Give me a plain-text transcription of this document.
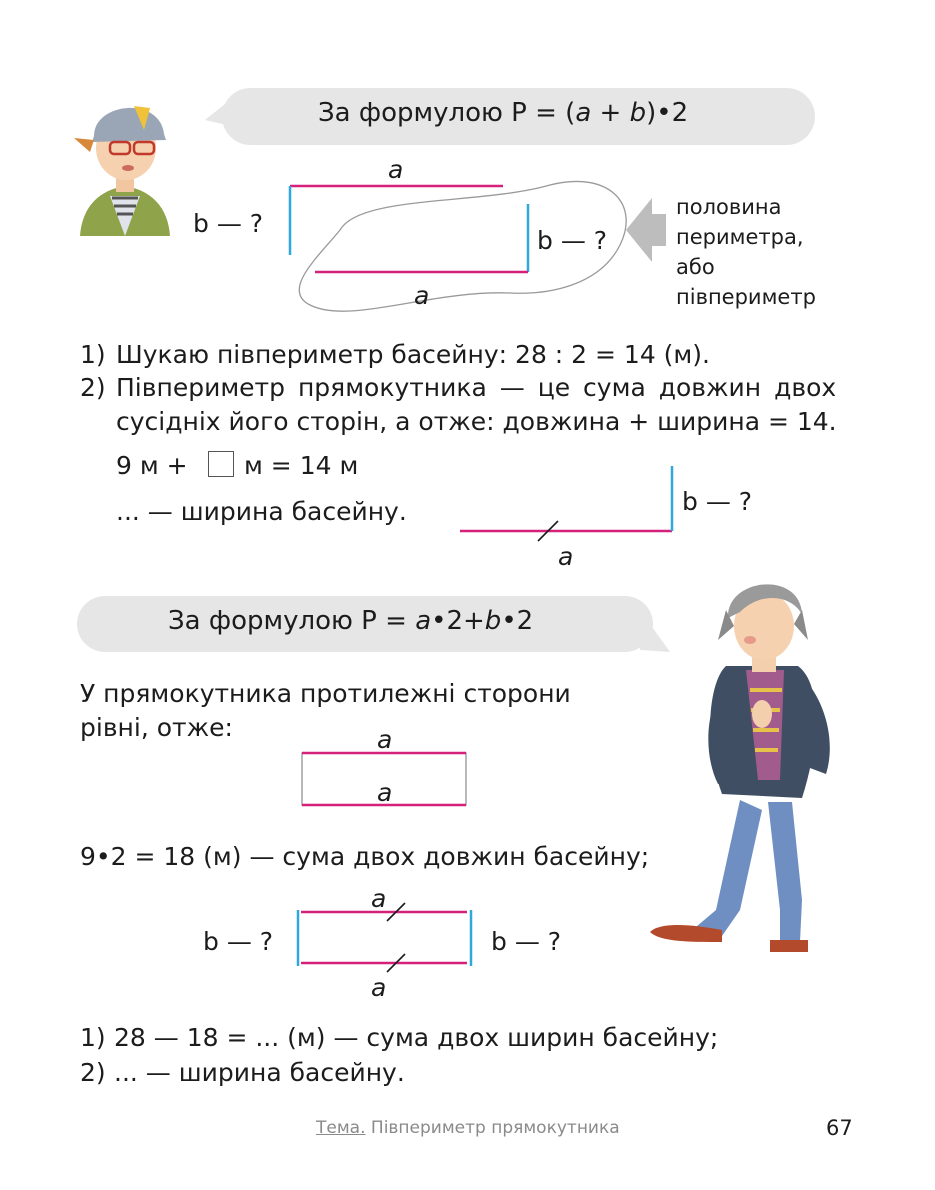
За формулою P = (a + b)•2
a
a
b — ?
b — ?
половина
периметра,
або
півпериметр
1) Шукаю півпериметр басейну: 28 : 2 = 14 (м).
2) Півпериметр прямокутника — це сума довжин двох
сусідніх його сторін, а отже: довжина + ширина = 14.
9 м + м = 14 м
... — ширина басейну.
a
b — ?
За формулою P = a•2+b•2
У прямокутника протилежні сторони
рівні, отже:	a
a
9•2 = 18 (м) — сума двох довжин басейну;
a
a
b — ?	b — ?
1) 28 — 18 = ... (м) — сума двох ширин басейну;
2) ... — ширина басейну.
Тема. Півпериметр прямокутника	67
